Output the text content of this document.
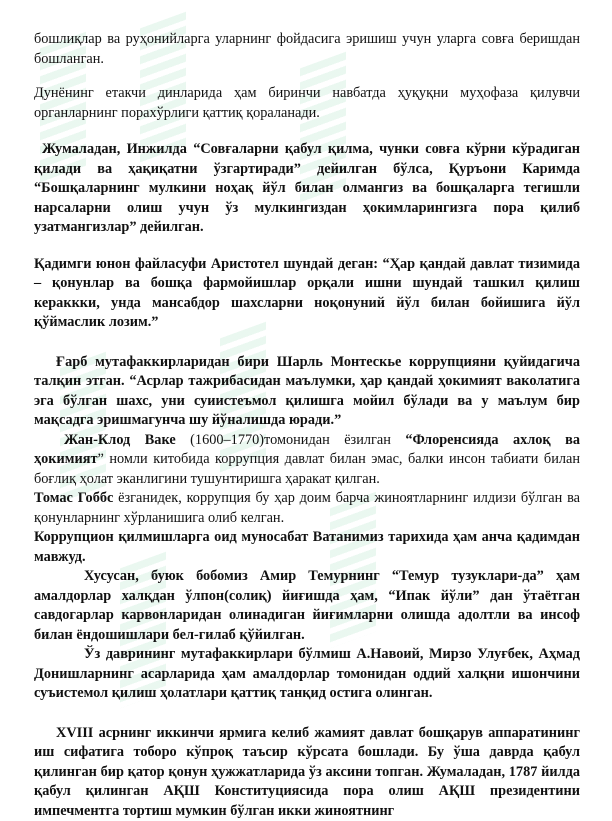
бошлиқлар ва руҳонийларга уларнинг фойдасига эришиш учун уларга совға беришдан бошланган.

Дунёнинг етакчи динларида ҳам биринчи навбатда ҳуқуқни муҳофаза қилувчи органларнинг порахўрлиги қаттиқ қораланади.

Жумаладан, Инжилда “Совғаларни қабул қилма, чунки совға кўрни кўрадиган қилади ва ҳақиқатни ўзгартиради” дейилган бўлса, Қуръони Каримда “Бошқаларнинг мулкини ноҳақ йўл билан олмангиз ва бошқаларга тегишли нарсаларни олиш учун ўз мулкингиздан ҳокимларингизга пора қилиб узатмангизлар” дейилган.

Қадимги юнон файласуфи Аристотел шундай деган: “Ҳар қандай давлат тизимида – қонунлар ва бошқа фармойишлар орқали ишни шундай ташкил қилиш кераккки, унда мансабдор шахсларни ноқонуний йўл билан бойишига йўл қўймаслик лозим.”

Ғарб мутафаккирларидан бири Шарль Монтескье коррупцияни қуйидагича талқин этган. “Асрлар тажрибасидан маълумки, ҳар қандай ҳокимият ваколатига эга бўлган шахс, уни суиистеъмол қилишга мойил бўлади ва у маълум бир мақсадга эришмагунча шу йўналишда юради.”

Жан-Клод Ваке (1600–1770)томонидан ёзилган “Флоренсияда ахлоқ ва ҳокимият” номли китобида коррупция давлат билан эмас, балки инсон табиати билан боғлиқ ҳолат эканлигини тушунтиришга ҳаракат қилган.

Томас Гоббс ёзганидек, коррупция бу ҳар доим барча жиноятларнинг илдизи бўлган ва қонунларнинг хўрланишига олиб келган.

Коррупцион қилмишларга оид муносабат Ватанимиз тарихида ҳам анча қадимдан мавжуд.

Хусусан, буюк бобомиз Амир Темурнинг “Темур тузуклари-да” ҳам амалдорлар халқдан ўлпон(солиқ) йиғишда ҳам, “Ипак йўли” дан ўтаётган савдогарлар карвонларидан олинадиган йиғимларни олишда адолтли ва инсоф билан ёндошишлари бел-гилаб қўйилган.

Ўз даврининг мутафаккирлари бўлмиш А.Навоий, Мирзо Улуғбек, Аҳмад Донишларнинг асарларида ҳам амалдорлар томонидан оддий халқни ишончини суъистемол қилиш ҳолатлари қаттиқ танқид остига олинган.

XVIII асрнинг иккинчи ярмига келиб жамият давлат бошқарув аппаратининг иш сифатига тоборо кўпроқ таъсир кўрсата бошлади. Бу ўша даврда қабул қилинган бир қатор қонун ҳужжатларида ўз аксини топган. Жумаладан, 1787 йилда қабул қилинган АҚШ Конституциясида пора олиш АҚШ президентини импечментга тортиш мумкин бўлган икки жиноятнинг
